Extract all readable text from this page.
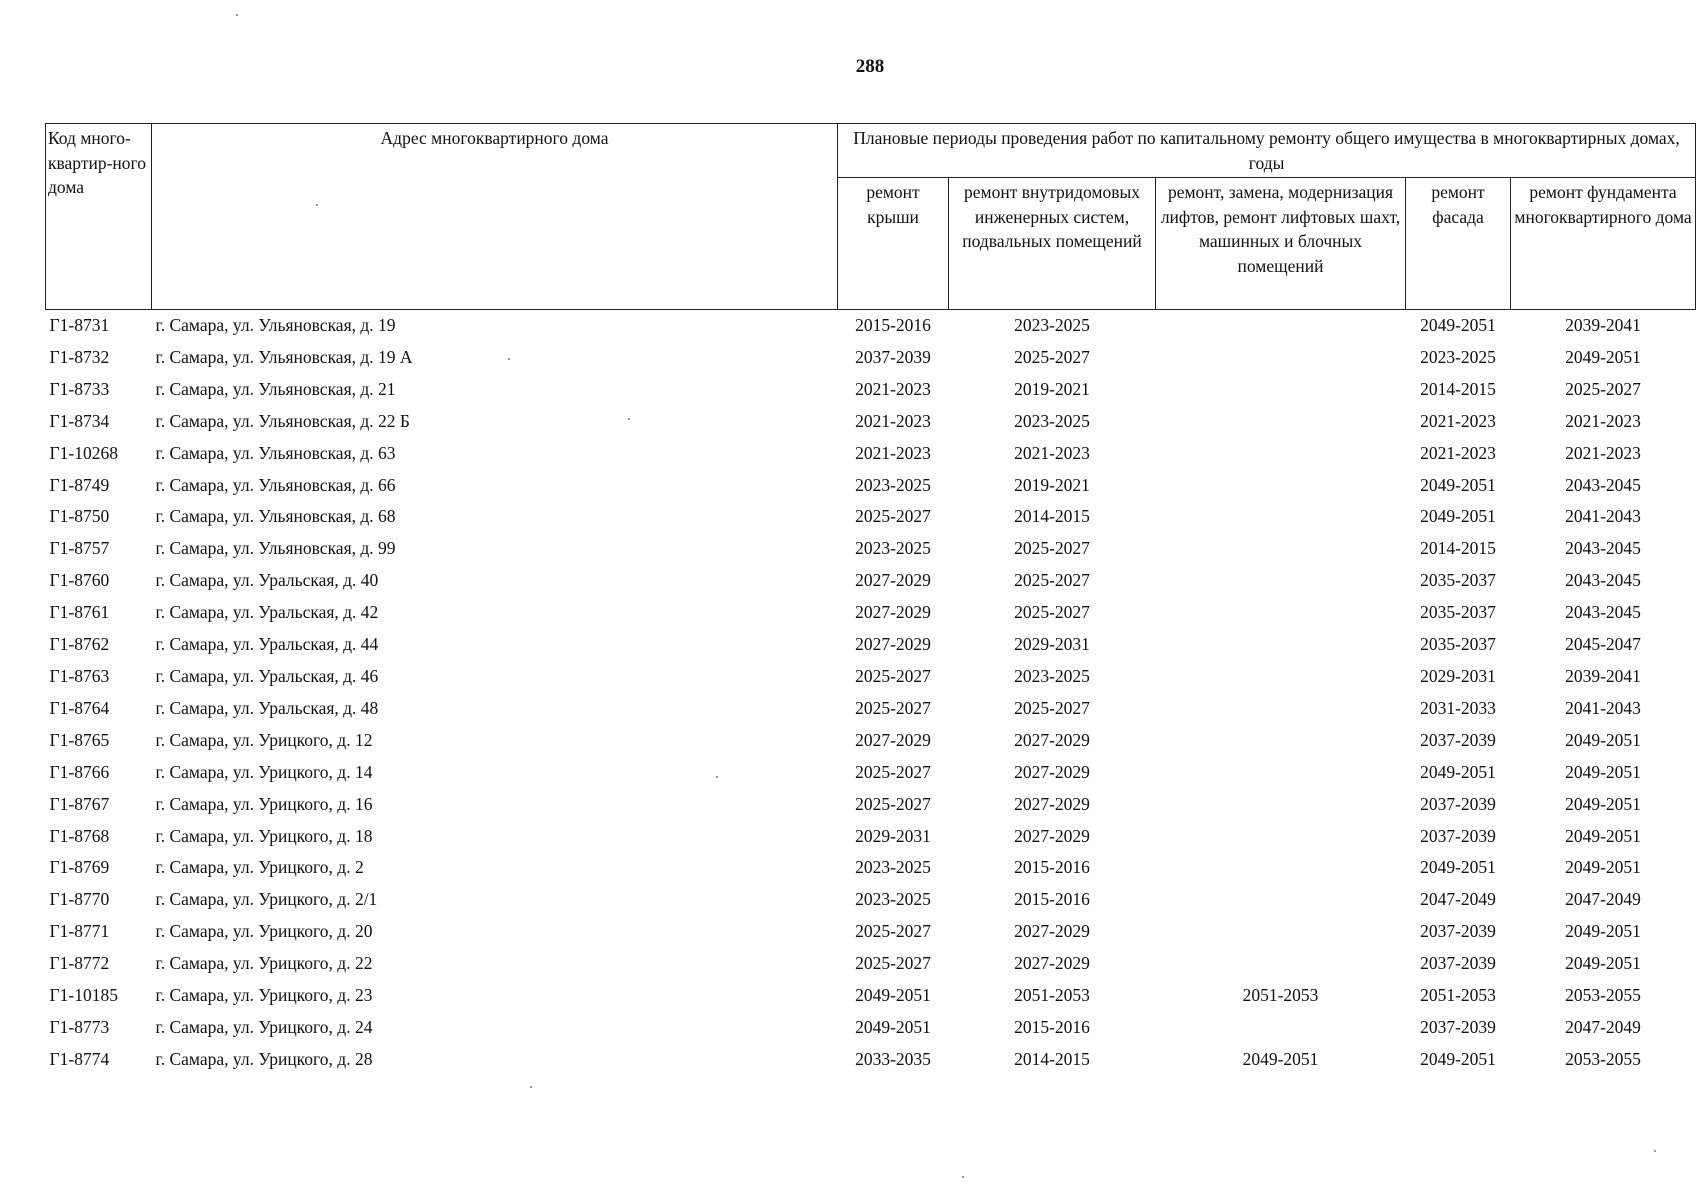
288
Код много-квартир-ного дома	Адрес многоквартирного дома	Плановые периоды проведения работ по капитальному ремонту общего имущества в многоквартирных домах, годы				
		ремонт крыши	ремонт внутридомовых инженерных систем, подвальных помещений	ремонт, замена, модернизация лифтов, ремонт лифтовых шахт, машинных и блочных помещений	ремонт фасада	ремонт фундамента многоквартирного дома
Г1-8731	г. Самара, ул. Ульяновская, д. 19	2015-2016	2023-2025		2049-2051	2039-2041
Г1-8732	г. Самара, ул. Ульяновская, д. 19 А	2037-2039	2025-2027		2023-2025	2049-2051
Г1-8733	г. Самара, ул. Ульяновская, д. 21	2021-2023	2019-2021		2014-2015	2025-2027
Г1-8734	г. Самара, ул. Ульяновская, д. 22 Б	2021-2023	2023-2025		2021-2023	2021-2023
Г1-10268	г. Самара, ул. Ульяновская, д. 63	2021-2023	2021-2023		2021-2023	2021-2023
Г1-8749	г. Самара, ул. Ульяновская, д. 66	2023-2025	2019-2021		2049-2051	2043-2045
Г1-8750	г. Самара, ул. Ульяновская, д. 68	2025-2027	2014-2015		2049-2051	2041-2043
Г1-8757	г. Самара, ул. Ульяновская, д. 99	2023-2025	2025-2027		2014-2015	2043-2045
Г1-8760	г. Самара, ул. Уральская, д. 40	2027-2029	2025-2027		2035-2037	2043-2045
Г1-8761	г. Самара, ул. Уральская, д. 42	2027-2029	2025-2027		2035-2037	2043-2045
Г1-8762	г. Самара, ул. Уральская, д. 44	2027-2029	2029-2031		2035-2037	2045-2047
Г1-8763	г. Самара, ул. Уральская, д. 46	2025-2027	2023-2025		2029-2031	2039-2041
Г1-8764	г. Самара, ул. Уральская, д. 48	2025-2027	2025-2027		2031-2033	2041-2043
Г1-8765	г. Самара, ул. Урицкого, д. 12	2027-2029	2027-2029		2037-2039	2049-2051
Г1-8766	г. Самара, ул. Урицкого, д. 14	2025-2027	2027-2029		2049-2051	2049-2051
Г1-8767	г. Самара, ул. Урицкого, д. 16	2025-2027	2027-2029		2037-2039	2049-2051
Г1-8768	г. Самара, ул. Урицкого, д. 18	2029-2031	2027-2029		2037-2039	2049-2051
Г1-8769	г. Самара, ул. Урицкого, д. 2	2023-2025	2015-2016		2049-2051	2049-2051
Г1-8770	г. Самара, ул. Урицкого, д. 2/1	2023-2025	2015-2016		2047-2049	2047-2049
Г1-8771	г. Самара, ул. Урицкого, д. 20	2025-2027	2027-2029		2037-2039	2049-2051
Г1-8772	г. Самара, ул. Урицкого, д. 22	2025-2027	2027-2029		2037-2039	2049-2051
Г1-10185	г. Самара, ул. Урицкого, д. 23	2049-2051	2051-2053	2051-2053	2051-2053	2053-2055
Г1-8773	г. Самара, ул. Урицкого, д. 24	2049-2051	2015-2016		2037-2039	2047-2049
Г1-8774	г. Самара, ул. Урицкого, д. 28	2033-2035	2014-2015	2049-2051	2049-2051	2053-2055
